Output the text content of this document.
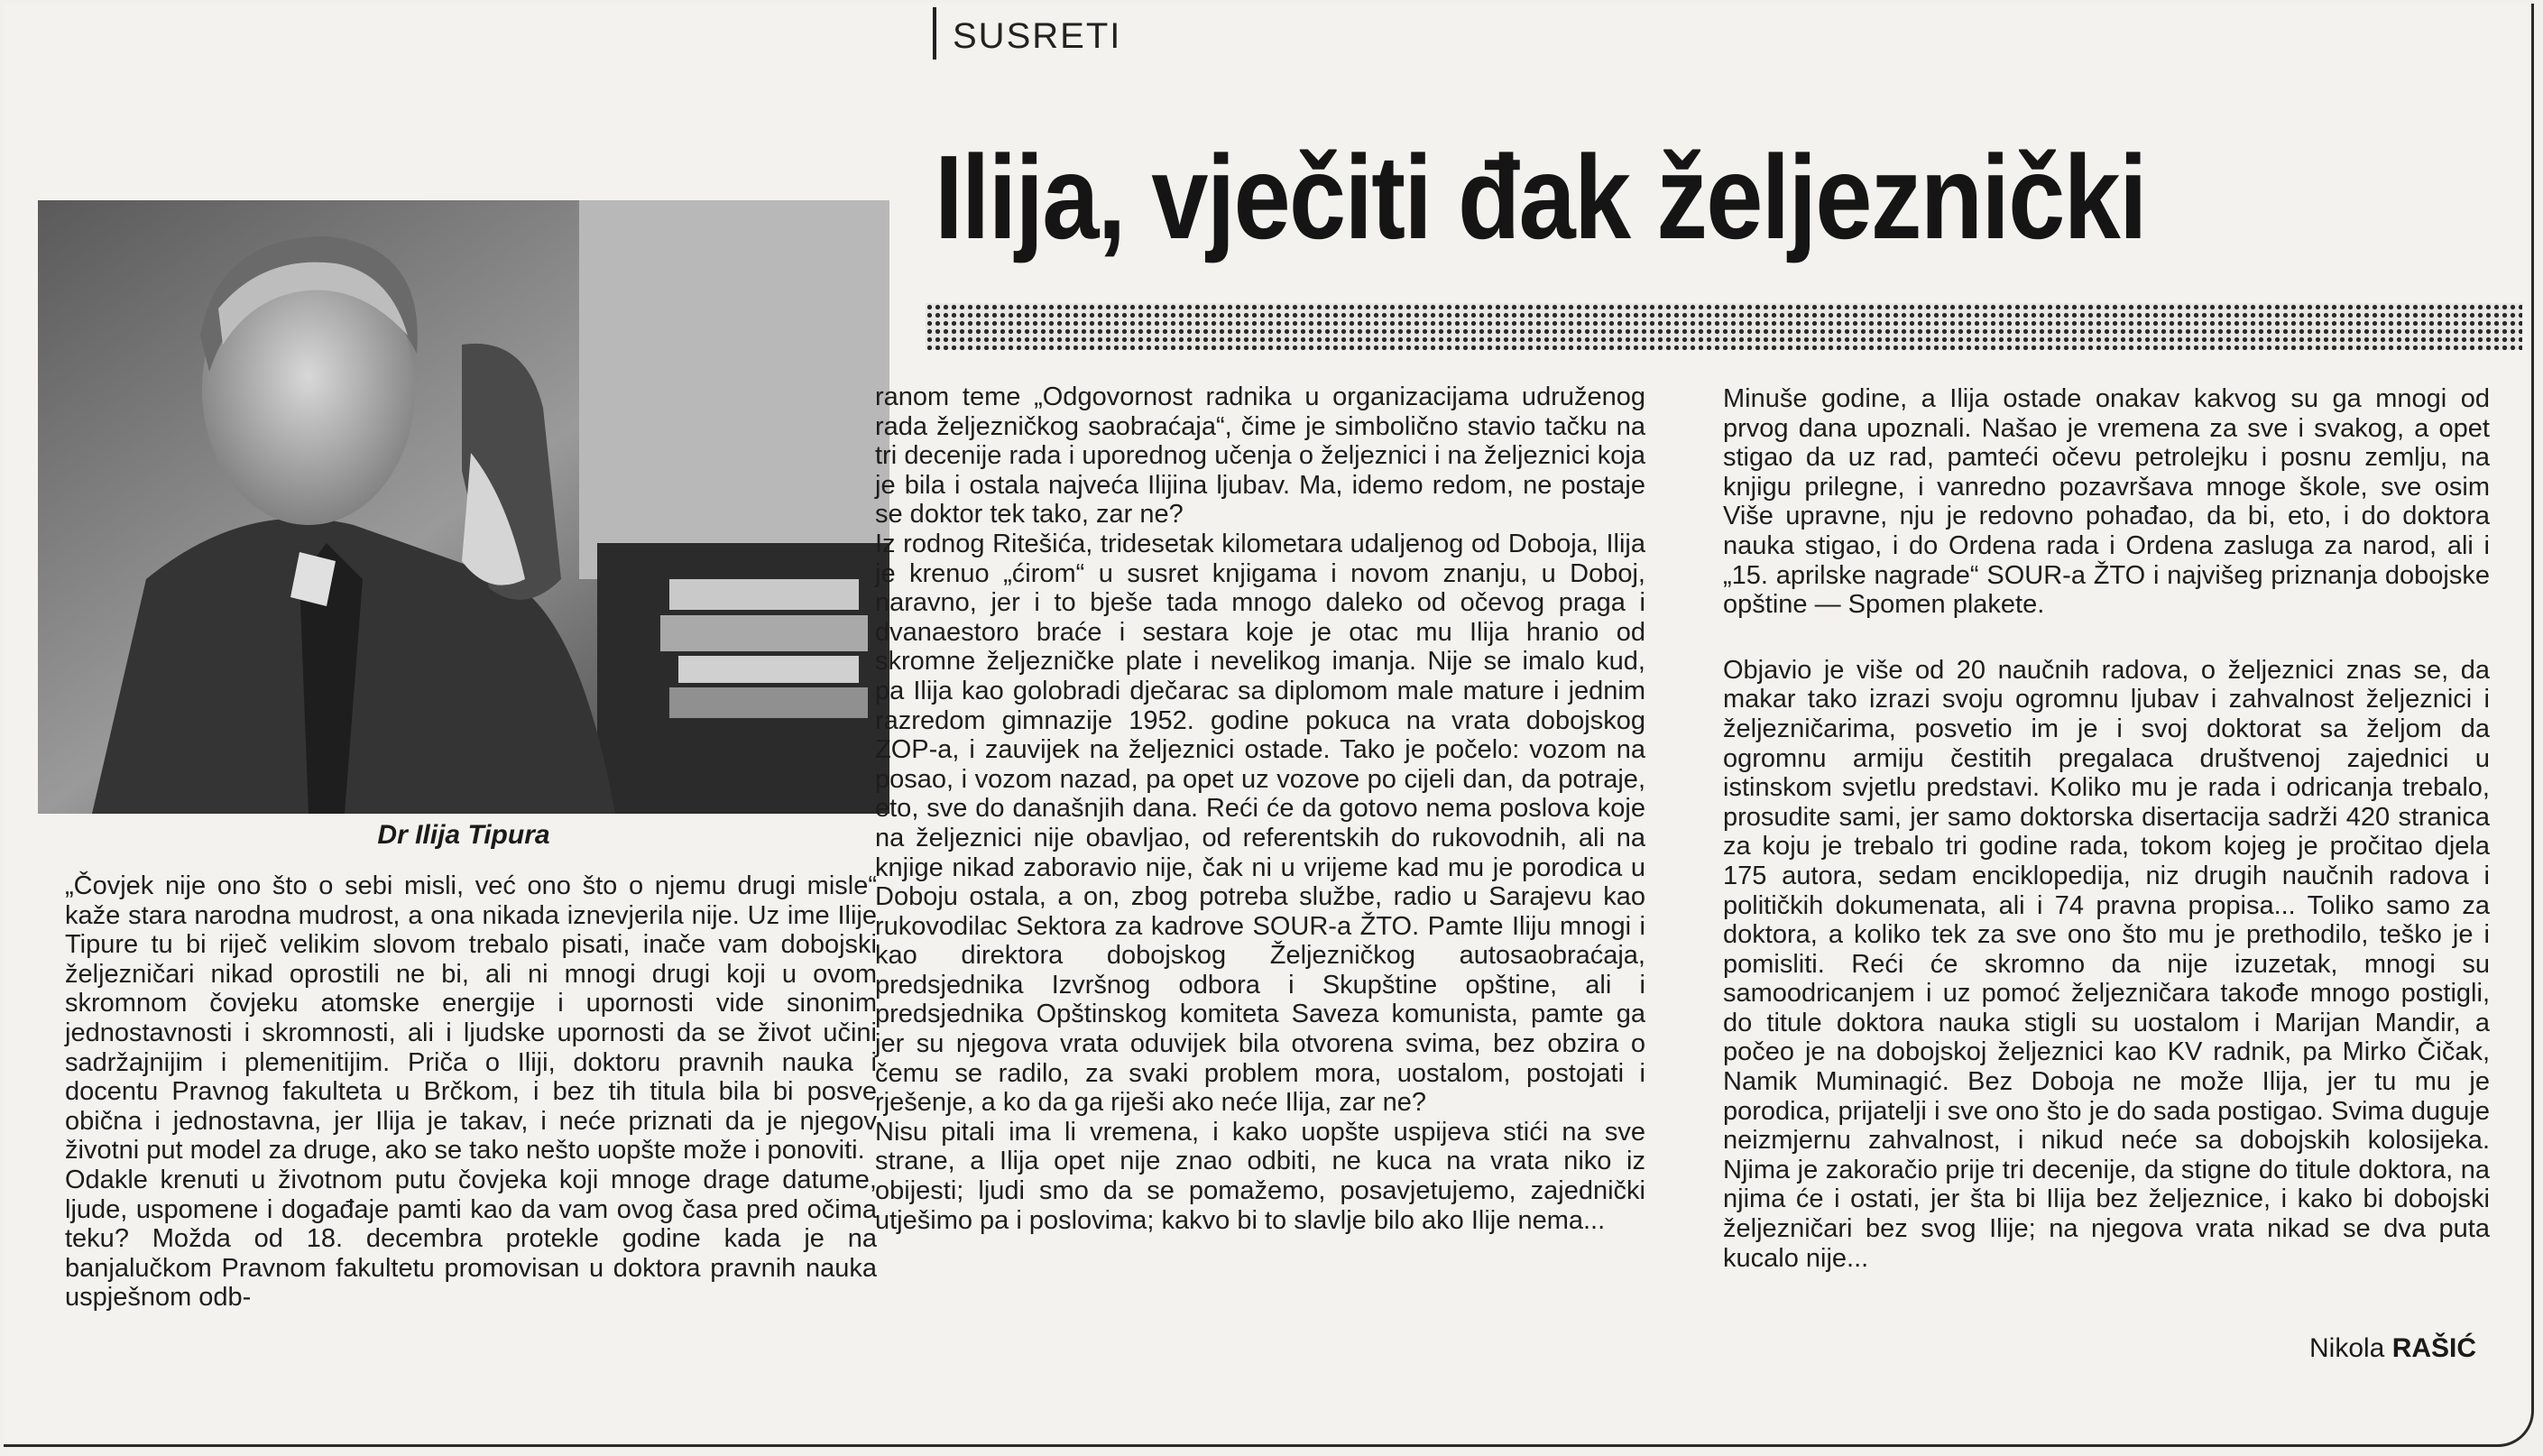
SUSRETI
Ilija, vječiti đak željeznički
Dr Ilija Tipura

„Čovjek nije ono što o sebi misli, već ono što o njemu drugi misle“ kaže stara narodna mudrost, a ona nikada iznevjerila nije. Uz ime Ilije Tipure tu bi riječ velikim slovom trebalo pisati, inače vam dobojski željezničari nikad oprostili ne bi, ali ni mnogi drugi koji u ovom skromnom čovjeku atomske energije i upornosti vide sinonim jednostavnosti i skromnosti, ali i ljudske upornosti da se život učini sadržajnijim i plemenitijim. Priča o Iliji, doktoru pravnih nauka i docentu Pravnog fakulteta u Brčkom, i bez tih titula bila bi posve obična i jednostavna, jer Ilija je takav, i neće priznati da je njegov životni put model za druge, ako se tako nešto uopšte može i ponoviti.

Odakle krenuti u životnom putu čovjeka koji mnoge drage datume, ljude, uspomene i događaje pamti kao da vam ovog časa pred očima teku? Možda od 18. decembra protekle godine kada je na banjalučkom Pravnom fakultetu promovisan u doktora pravnih nauka uspješnom odb-

ranom teme „Odgovornost radnika u organizacijama udruženog rada željezničkog saobraćaja“, čime je simbolično stavio tačku na tri decenije rada i uporednog učenja o željeznici i na željeznici koja je bila i ostala najveća Ilijina ljubav. Ma, idemo redom, ne postaje se doktor tek tako, zar ne?

Iz rodnog Ritešića, tridesetak kilometara udaljenog od Doboja, Ilija je krenuo „ćirom“ u susret knjigama i novom znanju, u Doboj, naravno, jer i to bješe tada mnogo daleko od očevog praga i dvanaestoro braće i sestara koje je otac mu Ilija hranio od skromne željezničke plate i nevelikog imanja. Nije se imalo kud, pa Ilija kao golobradi dječarac sa diplomom male mature i jednim razredom gimnazije 1952. godine pokuca na vrata dobojskog ZOP-a, i zauvijek na željeznici ostade. Tako je počelo: vozom na posao, i vozom nazad, pa opet uz vozove po cijeli dan, da potraje, eto, sve do današnjih dana. Reći će da gotovo nema poslova koje na željeznici nije obavljao, od referentskih do rukovodnih, ali na knjige nikad zaboravio nije, čak ni u vrijeme kad mu je porodica u Doboju ostala, a on, zbog potreba službe, radio u Sarajevu kao rukovodilac Sektora za kadrove SOUR-a ŽTO. Pamte Iliju mnogi i kao direktora dobojskog Željezničkog autosaobraćaja, predsjednika Izvršnog odbora i Skupštine opštine, ali i predsjednika Opštinskog komiteta Saveza komunista, pamte ga jer su njegova vrata oduvijek bila otvorena svima, bez obzira o čemu se radilo, za svaki problem mora, uostalom, postojati i rješenje, a ko da ga riješi ako neće Ilija, zar ne?

Nisu pitali ima li vremena, i kako uopšte uspijeva stići na sve strane, a Ilija opet nije znao odbiti, ne kuca na vrata niko iz obijesti; ljudi smo da se pomažemo, posavjetujemo, zajednički utješimo pa i poslovima; kakvo bi to slavlje bilo ako Ilije nema...

Minuše godine, a Ilija ostade onakav kakvog su ga mnogi od prvog dana upoznali. Našao je vremena za sve i svakog, a opet stigao da uz rad, pamteći očevu petrolejku i posnu zemlju, na knjigu prilegne, i vanredno pozavršava mnoge škole, sve osim Više upravne, nju je redovno pohađao, da bi, eto, i do doktora nauka stigao, i do Ordena rada i Ordena zasluga za narod, ali i „15. aprilske nagrade“ SOUR-a ŽTO i najvišeg priznanja dobojske opštine — Spomen plakete.

Objavio je više od 20 naučnih radova, o željeznici znas se, da makar tako izrazi svoju ogromnu ljubav i zahvalnost željeznici i željezničarima, posvetio im je i svoj doktorat sa željom da ogromnu armiju čestitih pregalaca društvenoj zajednici u istinskom svjetlu predstavi. Koliko mu je rada i odricanja trebalo, prosudite sami, jer samo doktorska disertacija sadrži 420 stranica za koju je trebalo tri godine rada, tokom kojeg je pročitao djela 175 autora, sedam enciklopedija, niz drugih naučnih radova i političkih dokumenata, ali i 74 pravna propisa... Toliko samo za doktora, a koliko tek za sve ono što mu je prethodilo, teško je i pomisliti. Reći će skromno da nije izuzetak, mnogi su samoodricanjem i uz pomoć željezničara takođe mnogo postigli, do titule doktora nauka stigli su uostalom i Marijan Mandir, a počeo je na dobojskoj željeznici kao KV radnik, pa Mirko Čičak, Namik Muminagić. Bez Doboja ne može Ilija, jer tu mu je porodica, prijatelji i sve ono što je do sada postigao. Svima duguje neizmjernu zahvalnost, i nikud neće sa dobojskih kolosijeka. Njima je zakoračio prije tri decenije, da stigne do titule doktora, na njima će i ostati, jer šta bi Ilija bez željeznice, i kako bi dobojski željezničari bez svog Ilije; na njegova vrata nikad se dva puta kucalo nije...

Nikola RAŠIĆ
